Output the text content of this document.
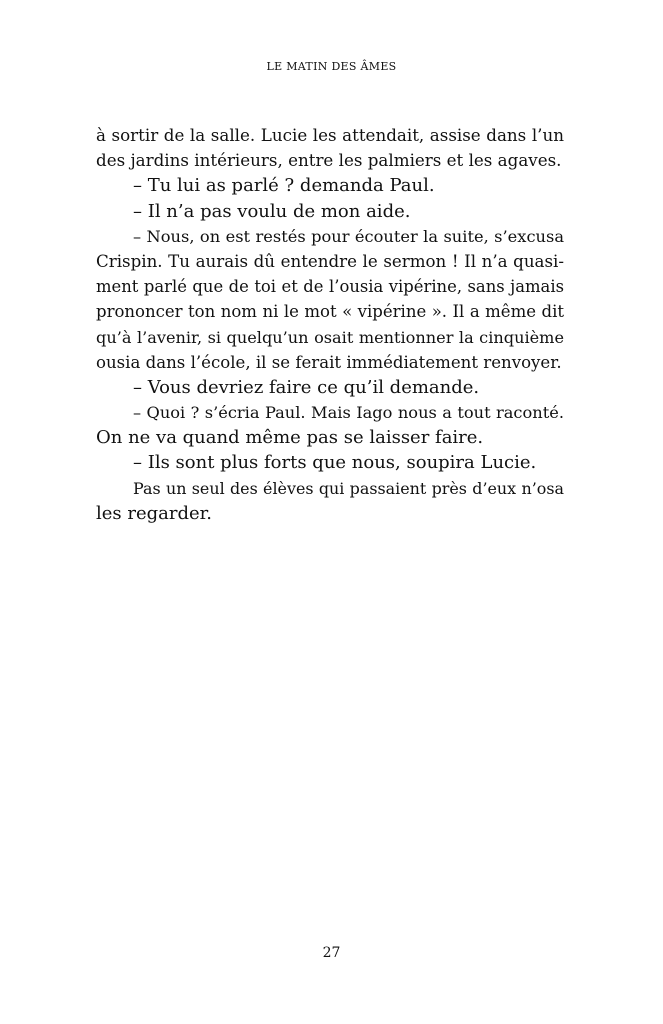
LE MATIN DES ÂMES
à sortir de la salle. Lucie les attendait, assise dans l’un
des jardins intérieurs, entre les palmiers et les agaves.
– Tu lui as parlé ? demanda Paul.
– Il n’a pas voulu de mon aide.
– Nous, on est restés pour écouter la suite, s’excusa
Crispin. Tu aurais dû entendre le sermon ! Il n’a quasi-
ment parlé que de toi et de l’ousia vipérine, sans jamais
prononcer ton nom ni le mot « vipérine ». Il a même dit
qu’à l’avenir, si quelqu’un osait mentionner la cinquième
ousia dans l’école, il se ferait immédiatement renvoyer.
– Vous devriez faire ce qu’il demande.
– Quoi ? s’écria Paul. Mais Iago nous a tout raconté.
On ne va quand même pas se laisser faire.
– Ils sont plus forts que nous, soupira Lucie.
Pas un seul des élèves qui passaient près d’eux n’osa
les regarder.
27
